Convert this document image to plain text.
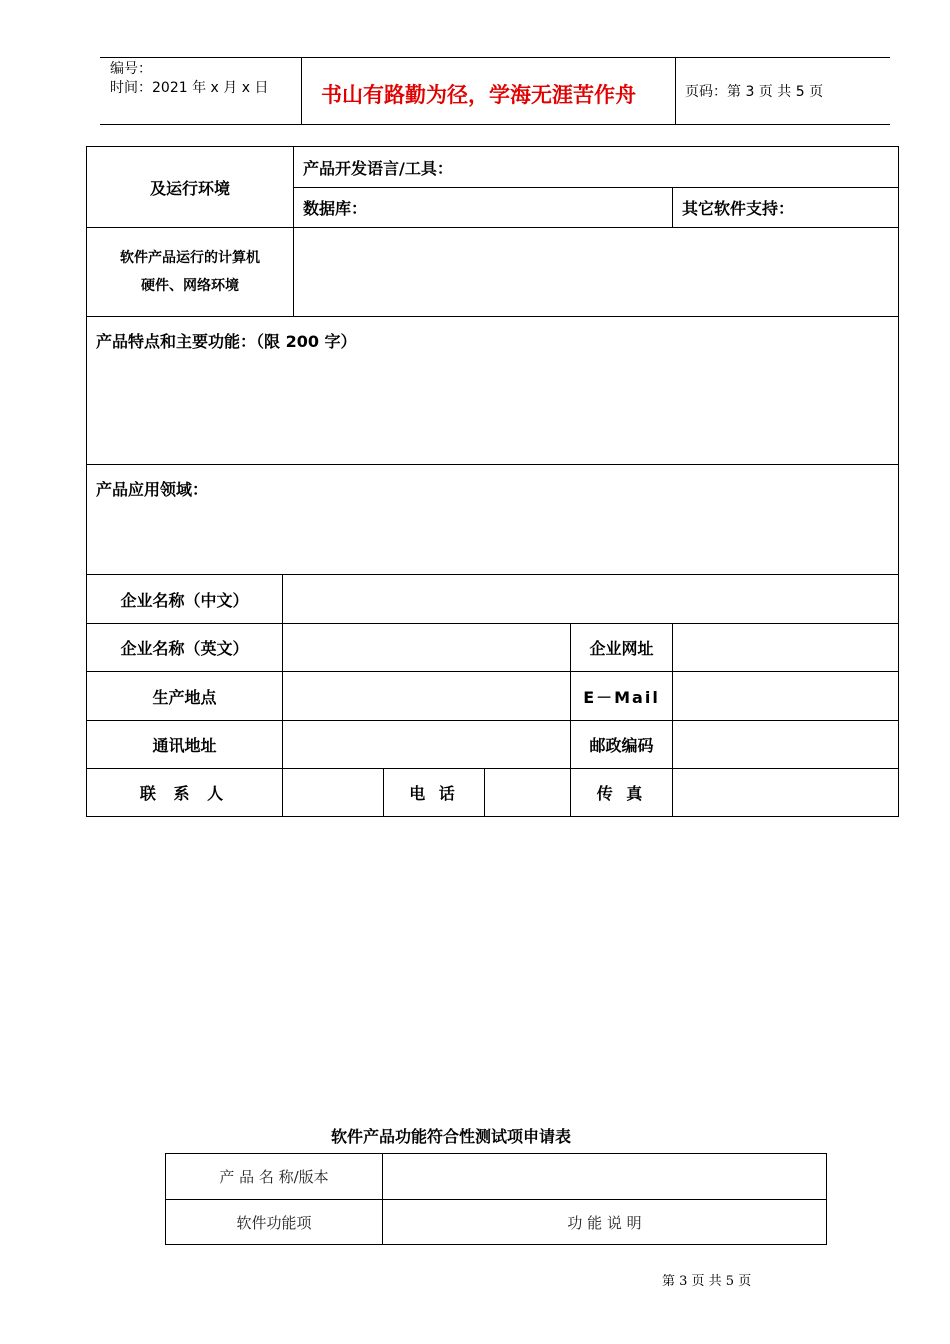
编号：
时间：2021 年 x 月 x 日	书山有路勤为径，学海无涯苦作舟	页码：第 3 页 共 5 页
及运行环境		产品开发语言/工具：				
		数据库：				其它软件支持：

软件产品运行的计算机
硬件、网络环境						

产品特点和主要功能：（限 200 字）						

产品应用领域：						

企业名称（中文）						
企业名称（英文）					企业网址	
生产地点					E－Mail	
通讯地址					邮政编码	
联 系 人			电 话		传 真	
软件产品功能符合性测试项申请表
产 品 名 称/版本	
软件功能项	功 能 说 明
第 3 页 共 5 页
